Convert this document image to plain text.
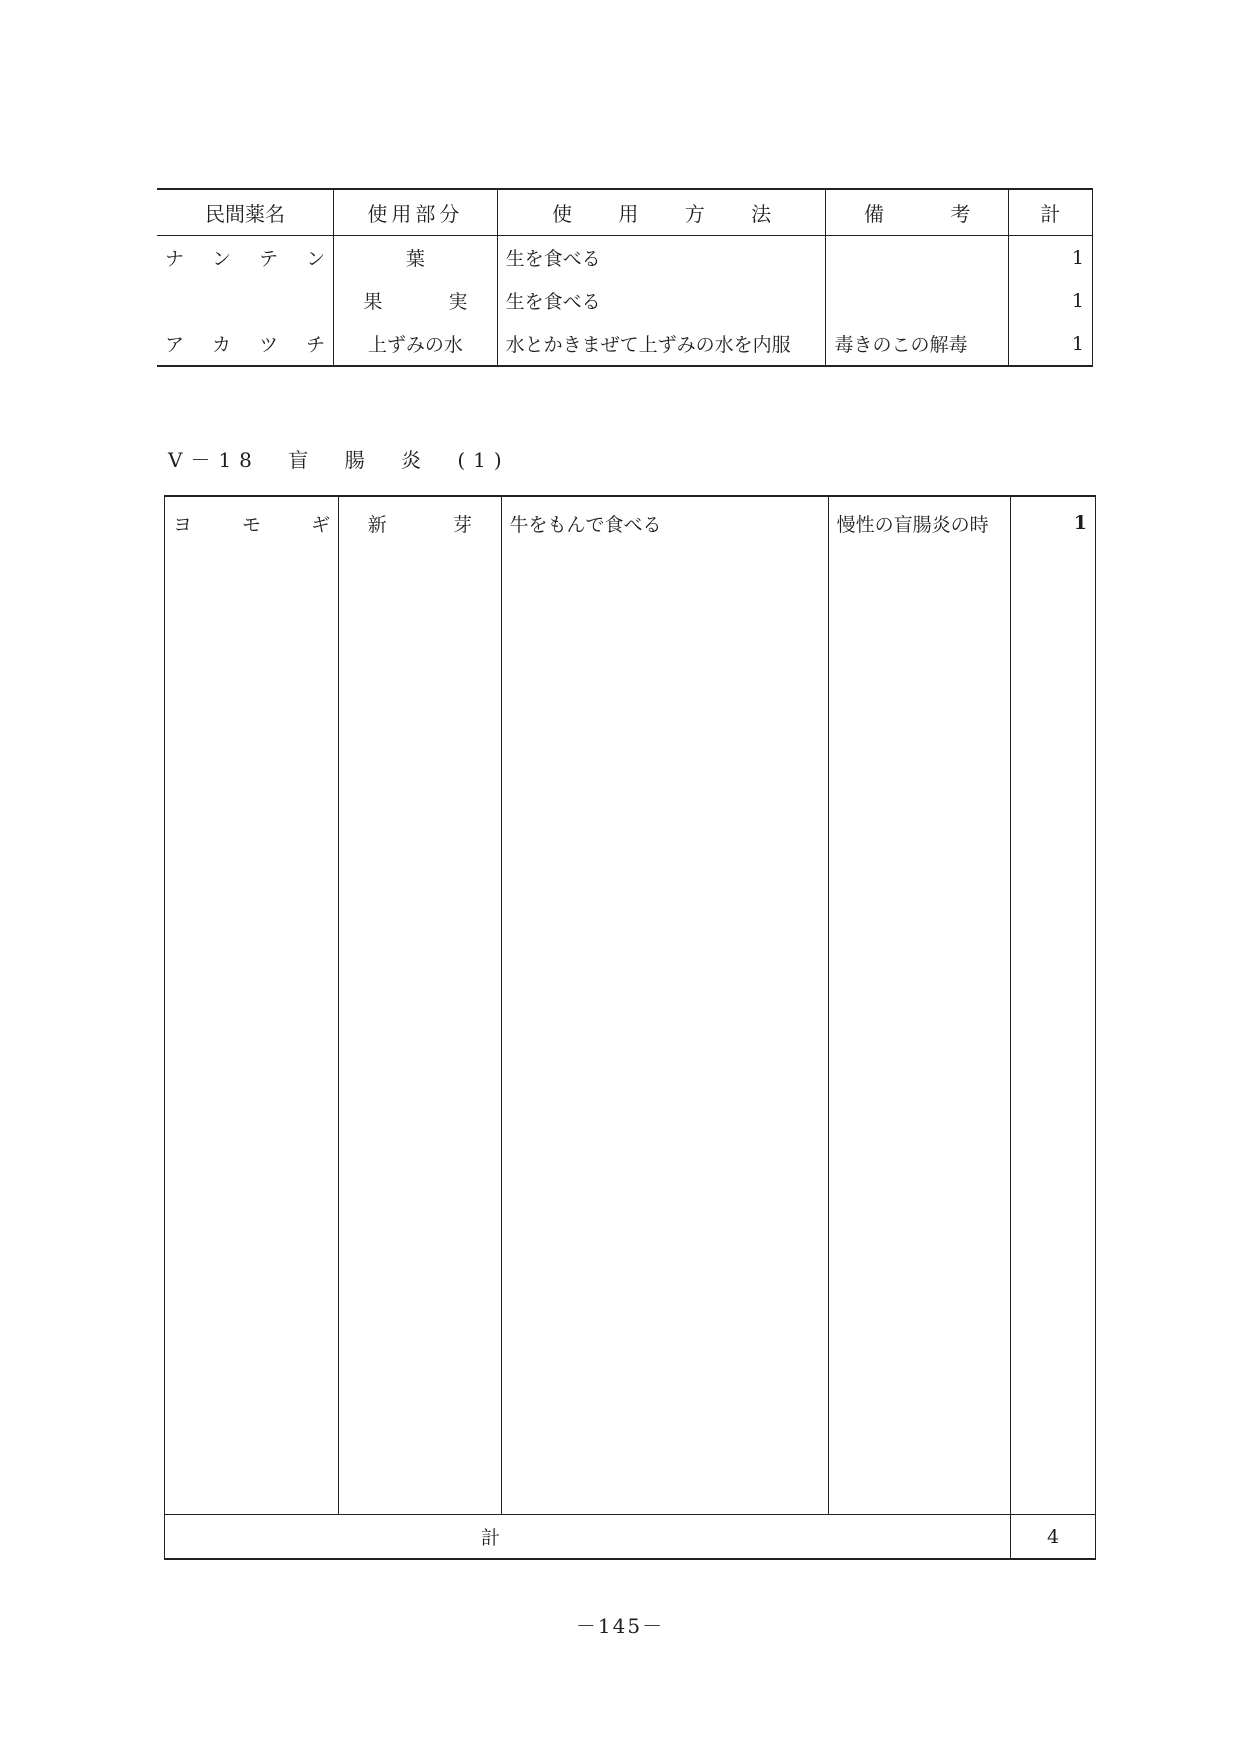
民間薬名	使用部分	使 用 方 法	備 考	計
ナ ン テ ン	葉	生を食べる		1
	果 実	生を食べる		1
ア カ ツ チ	上ずみの水	水とかきまぜて上ずみの水を内服	毒きのこの解毒	1
V－18 盲 腸 炎 (1)
ヨ モ ギ	新 芽	牛をもんで食べる	慢性の盲腸炎の時	1

計				4
－145－
